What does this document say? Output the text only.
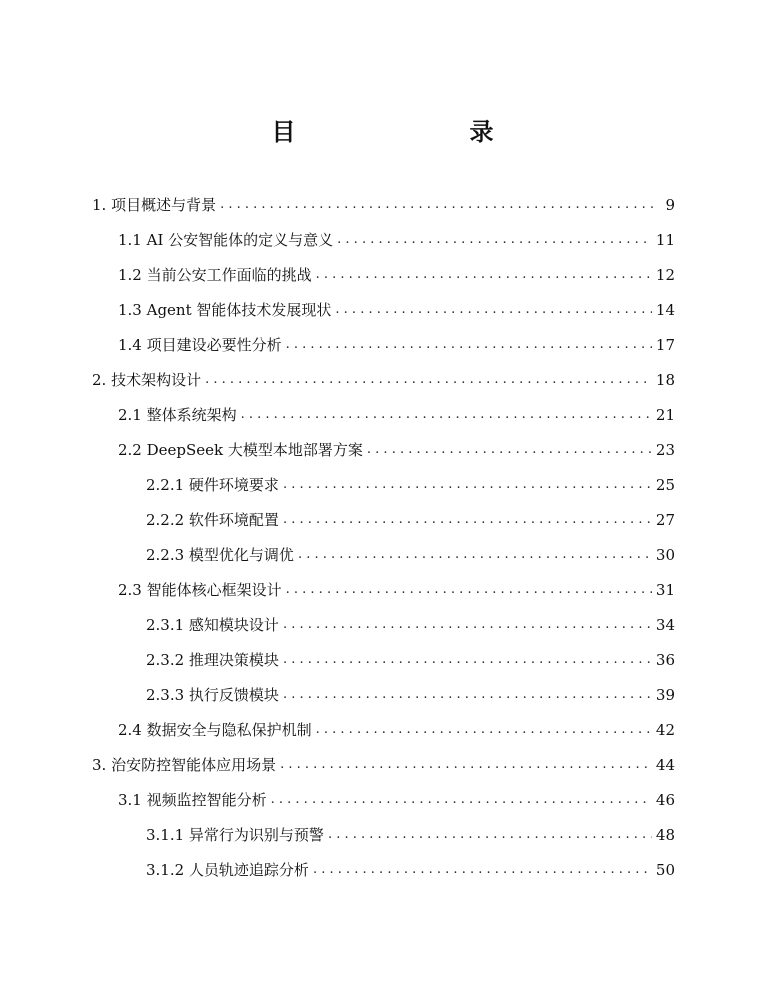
目　　录
1. 项目概述与背景 . . .	9
1.1 AI 公安智能体的定义与意义 . . .	11
1.2 当前公安工作面临的挑战 . . .	12
1.3 Agent 智能体技术发展现状 . . .	14
1.4 项目建设必要性分析 . . .	17
2. 技术架构设计 . . .	18
2.1 整体系统架构 . . .	21
2.2 DeepSeek 大模型本地部署方案 . . .	23
2.2.1 硬件环境要求 . . .	25
2.2.2 软件环境配置 . . .	27
2.2.3 模型优化与调优 . . .	30
2.3 智能体核心框架设计 . . .	31
2.3.1 感知模块设计 . . .	34
2.3.2 推理决策模块 . . .	36
2.3.3 执行反馈模块 . . .	39
2.4 数据安全与隐私保护机制 . . .	42
3. 治安防控智能体应用场景 . . .	44
3.1 视频监控智能分析 . . .	46
3.1.1 异常行为识别与预警 . . .	48
3.1.2 人员轨迹追踪分析 . . .	50
